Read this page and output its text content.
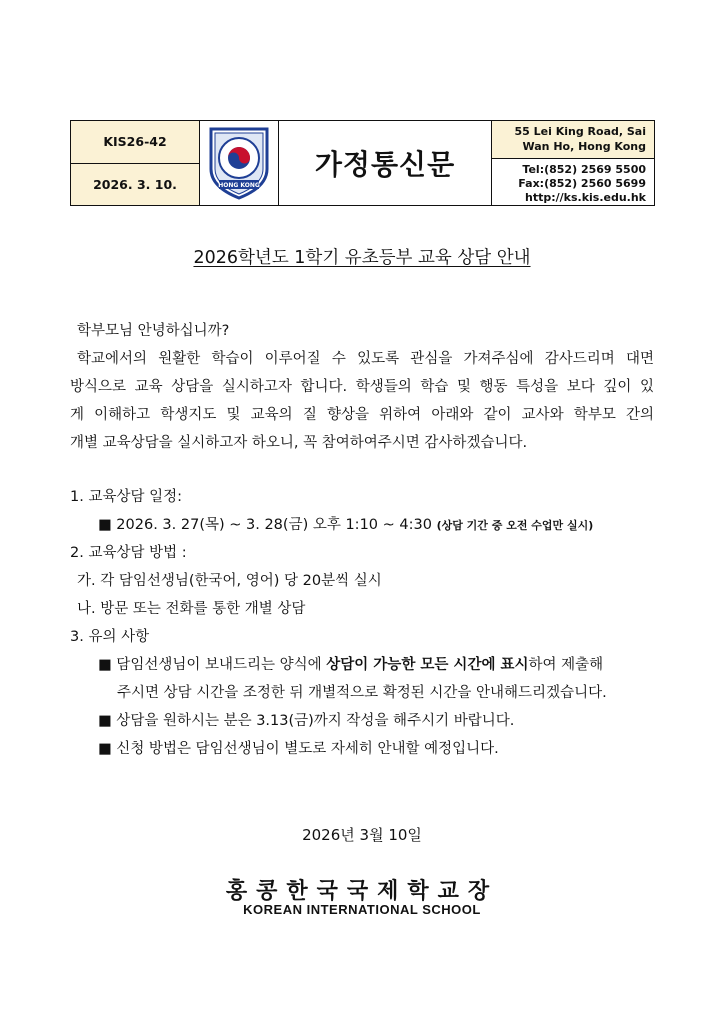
KIS26-42
2026. 3. 10.	HONG KONG
가정통신문
55 Lei King Road, Sai
Wan Ho, Hong Kong
Tel:(852) 2569 5500
Fax:(852) 2560 5699
http://ks.kis.edu.hk
2026학년도 1학기 유초등부 교육 상담 안내
학부모님 안녕하십니까?
학교에서의 원활한 학습이 이루어질 수 있도록 관심을 가져주심에 감사드리며 대면
방식으로 교육 상담을 실시하고자 합니다. 학생들의 학습 및 행동 특성을 보다 깊이 있
게 이해하고 학생지도 및 교육의 질 향상을 위하여 아래와 같이 교사와 학부모 간의
개별 교육상담을 실시하고자 하오니, 꼭 참여하여주시면 감사하겠습니다.
1. 교육상담 일정:
■ 2026. 3. 27(목) ~ 3. 28(금) 오후 1:10 ~ 4:30 (상담 기간 중 오전 수업만 실시)
2. 교육상담 방법 :
가. 각 담임선생님(한국어, 영어) 당 20분씩 실시
나. 방문 또는 전화를 통한 개별 상담
3. 유의 사항
■ 담임선생님이 보내드리는 양식에 상담이 가능한 모든 시간에 표시하여 제출해
주시면 상담 시간을 조정한 뒤 개별적으로 확정된 시간을 안내해드리겠습니다.
■ 상담을 원하시는 분은 3.13(금)까지 작성을 해주시기 바랍니다.
■ 신청 방법은 담임선생님이 별도로 자세히 안내할 예정입니다.
2026년 3월 10일
홍콩한국국제학교장
KOREAN INTERNATIONAL SCHOOL
